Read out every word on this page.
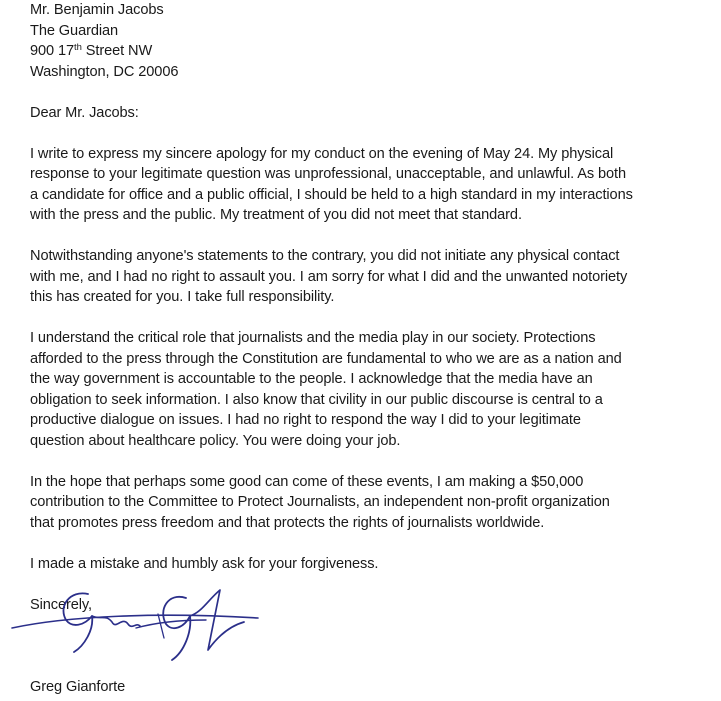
Mr. Benjamin Jacobs
The Guardian
900 17th Street NW
Washington, DC 20006
Dear Mr. Jacobs:
I write to express my sincere apology for my conduct on the evening of May 24. My physical
response to your legitimate question was unprofessional, unacceptable, and unlawful. As both
a candidate for office and a public official, I should be held to a high standard in my interactions
with the press and the public. My treatment of you did not meet that standard.
Notwithstanding anyone's statements to the contrary, you did not initiate any physical contact
with me, and I had no right to assault you. I am sorry for what I did and the unwanted notoriety
this has created for you. I take full responsibility.
I understand the critical role that journalists and the media play in our society. Protections
afforded to the press through the Constitution are fundamental to who we are as a nation and
the way government is accountable to the people. I acknowledge that the media have an
obligation to seek information. I also know that civility in our public discourse is central to a
productive dialogue on issues. I had no right to respond the way I did to your legitimate
question about healthcare policy. You were doing your job.
In the hope that perhaps some good can come of these events, I am making a $50,000
contribution to the Committee to Protect Journalists, an independent non-profit organization
that promotes press freedom and that protects the rights of journalists worldwide.
I made a mistake and humbly ask for your forgiveness.
Sincerely,
Greg Gianforte
